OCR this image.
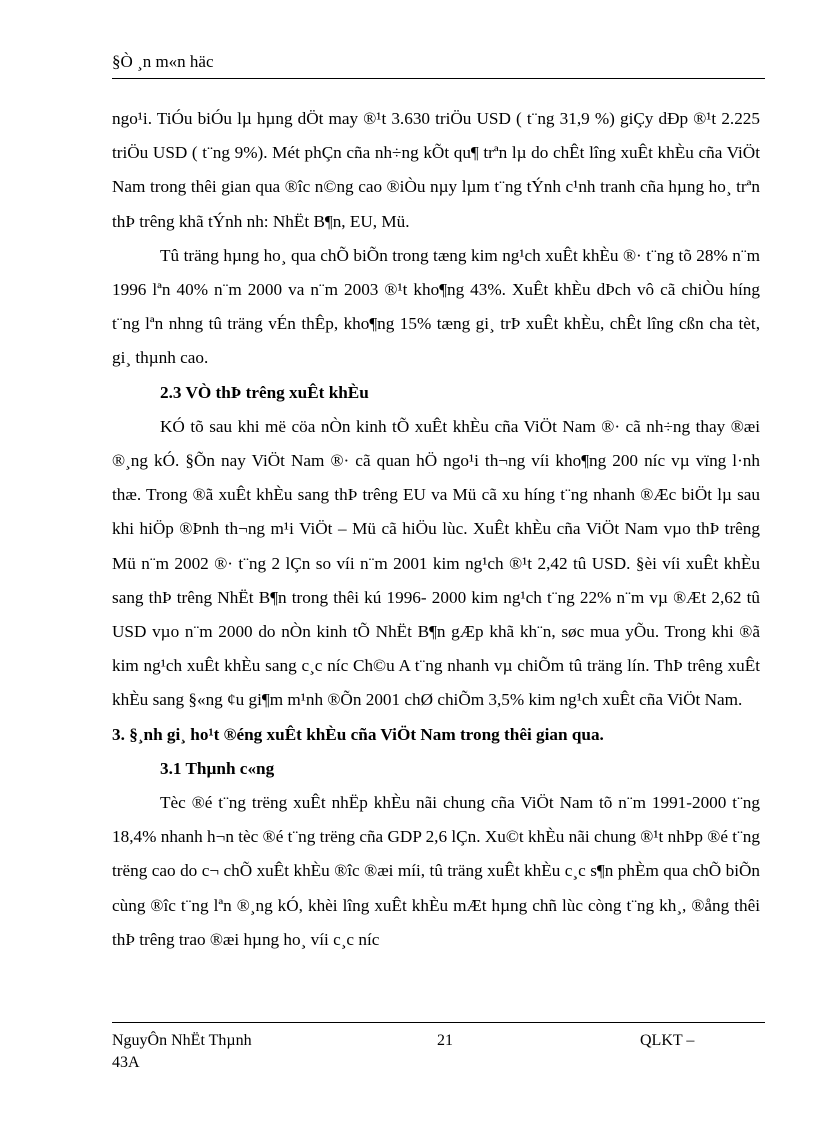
§Ò ¸n m«n häc

ngo¹i. TiÓu biÓu lµ hµng dÖt may ®¹t 3.630 triÖu USD ( t¨ng 31,9 %) giÇy dÐp ®¹t 2.225 triÖu USD ( t¨ng 9%). Mét phÇn cña nh÷ng kÕt qu¶ trªn lµ do chÊt lîng xuÊt khÈu cña ViÖt Nam trong thêi gian qua ®îc n©ng cao ®iÒu nµy lµm t¨ng tÝnh c¹nh tranh cña hµng ho¸ trªn thÞ trêng khã tÝnh nh: NhËt B¶n, EU, Mü.

Tû träng hµng ho¸ qua chÕ biÕn trong tæng kim ng¹ch xuÊt khÈu ®· t¨ng tõ 28% n¨m 1996 lªn 40% n¨m 2000 va n¨m 2003 ®¹t kho¶ng 43%. XuÊt khÈu dÞch vô cã chiÒu híng t¨ng lªn nhng tû träng vÉn thÊp, kho¶ng 15% tæng gi¸ trÞ xuÊt khÈu, chÊt lîng cßn cha tèt, gi¸ thµnh cao.

2.3 VÒ thÞ trêng xuÊt khÈu

KÓ tõ sau khi më cöa nÒn kinh tÕ xuÊt khÈu cña ViÖt Nam ®· cã nh÷ng thay ®æi ®¸ng kÓ. §Õn nay ViÖt Nam ®· cã quan hÖ ngo¹i th¬ng víi kho¶ng 200 níc vµ vïng l·nh thæ. Trong ®ã xuÊt khÈu sang thÞ trêng EU va Mü cã xu híng t¨ng nhanh ®Æc biÖt lµ sau khi hiÖp ®Þnh th¬ng m¹i ViÖt – Mü cã hiÖu lùc. XuÊt khÈu cña ViÖt Nam vµo thÞ trêng Mü n¨m 2002 ®· t¨ng 2 lÇn so víi n¨m 2001 kim ng¹ch ®¹t 2,42 tû USD. §èi víi xuÊt khÈu sang thÞ trêng NhËt B¶n trong thêi kú 1996- 2000 kim ng¹ch t¨ng 22% n¨m vµ ®Æt 2,62 tû USD vµo n¨m 2000 do nÒn kinh tÕ NhËt B¶n gÆp khã kh¨n, søc mua yÕu. Trong khi ®ã kim ng¹ch xuÊt khÈu sang c¸c níc Ch©u A t¨ng nhanh vµ chiÕm tû träng lín. ThÞ trêng xuÊt khÈu sang §«ng ¢u gi¶m m¹nh ®Õn 2001 chØ chiÕm 3,5% kim ng¹ch xuÊt cña ViÖt Nam.

3. §¸nh gi¸ ho¹t ®éng xuÊt khÈu cña ViÖt Nam trong thêi gian qua.

3.1 Thµnh c«ng

Tèc ®é t¨ng trëng xuÊt nhËp khÈu nãi chung cña ViÖt Nam tõ n¨m 1991-2000 t¨ng 18,4% nhanh h¬n tèc ®é t¨ng trëng cña GDP 2,6 lÇn. Xu©t khÈu nãi chung ®¹t nhÞp ®é t¨ng trëng cao do c¬ chÕ xuÊt khÈu ®îc ®æi míi, tû träng xuÊt khÈu c¸c s¶n phÈm qua chÕ biÕn cùng ®îc t¨ng lªn ®¸ng kÓ, khèi lîng xuÊt khÈu mÆt hµng chñ lùc còng t¨ng kh¸, ®ång thêi thÞ trêng trao ®æi hµng ho¸ víi c¸c níc

NguyÔn NhËt Thµnh 43A
21	QLKT –
